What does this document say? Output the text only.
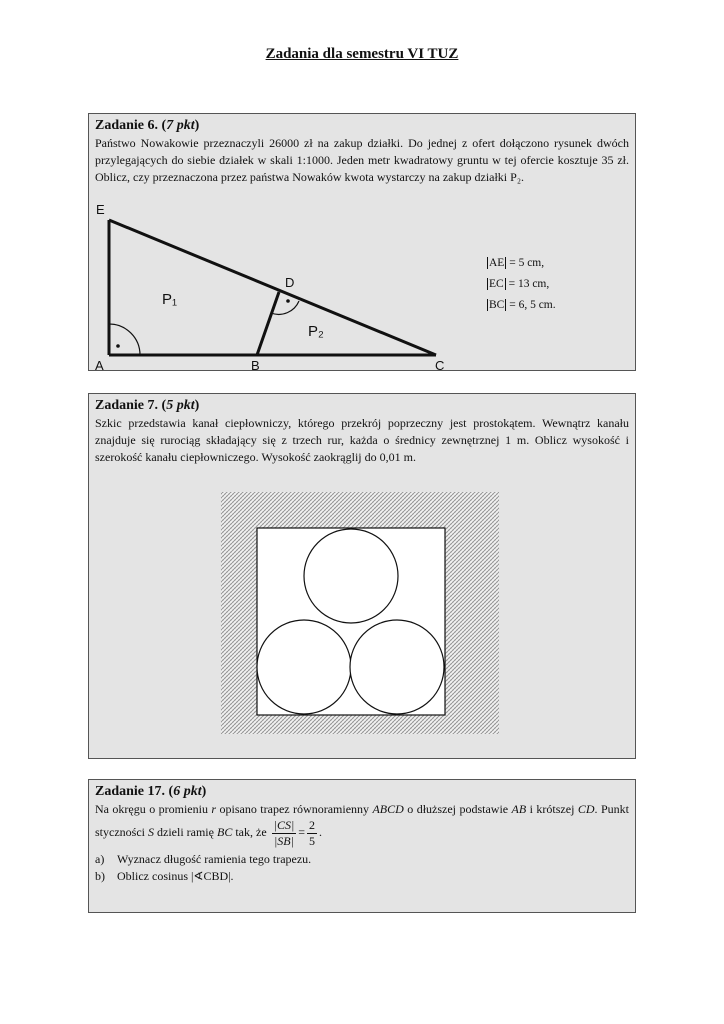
Zadania dla semestru VI TUZ
Zadanie 6. (7 pkt)
Państwo Nowakowie przeznaczyli 26000 zł na zakup działki. Do jednej z ofert dołączono rysunek dwóch przylegających do siebie działek w skali 1:1000. Jeden metr kwadratowy gruntu w tej ofercie kosztuje 35 zł. Oblicz, czy przeznaczona przez państwa Nowaków kwota wystarczy na zakup działki P₂.
E
D
A	B	C
P₁
P₂
AE = 5 cm,
EC = 13 cm,
BC = 6, 5 cm.
Zadanie 7. (5 pkt)
Szkic przedstawia kanał ciepłowniczy, którego przekrój poprzeczny jest prostokątem. Wewnątrz kanału znajduje się rurociąg składający się z trzech rur, każda o średnicy zewnętrznej 1 m. Oblicz wysokość i szerokość kanału ciepłowniczego. Wysokość zaokrąglij do 0,01 m.
Zadanie 17. (6 pkt)
Na okręgu o promieniu r opisano trapez równoramienny ABCD o dłuższej podstawie AB i krótszej CD. Punkt styczności S dzieli ramię BC tak, że $\frac{|CS|}{|SB|} = \frac{2}{5}$ .
a) Wyznacz długość ramienia tego trapezu.
b) Oblicz cosinus |∢CBD|.
